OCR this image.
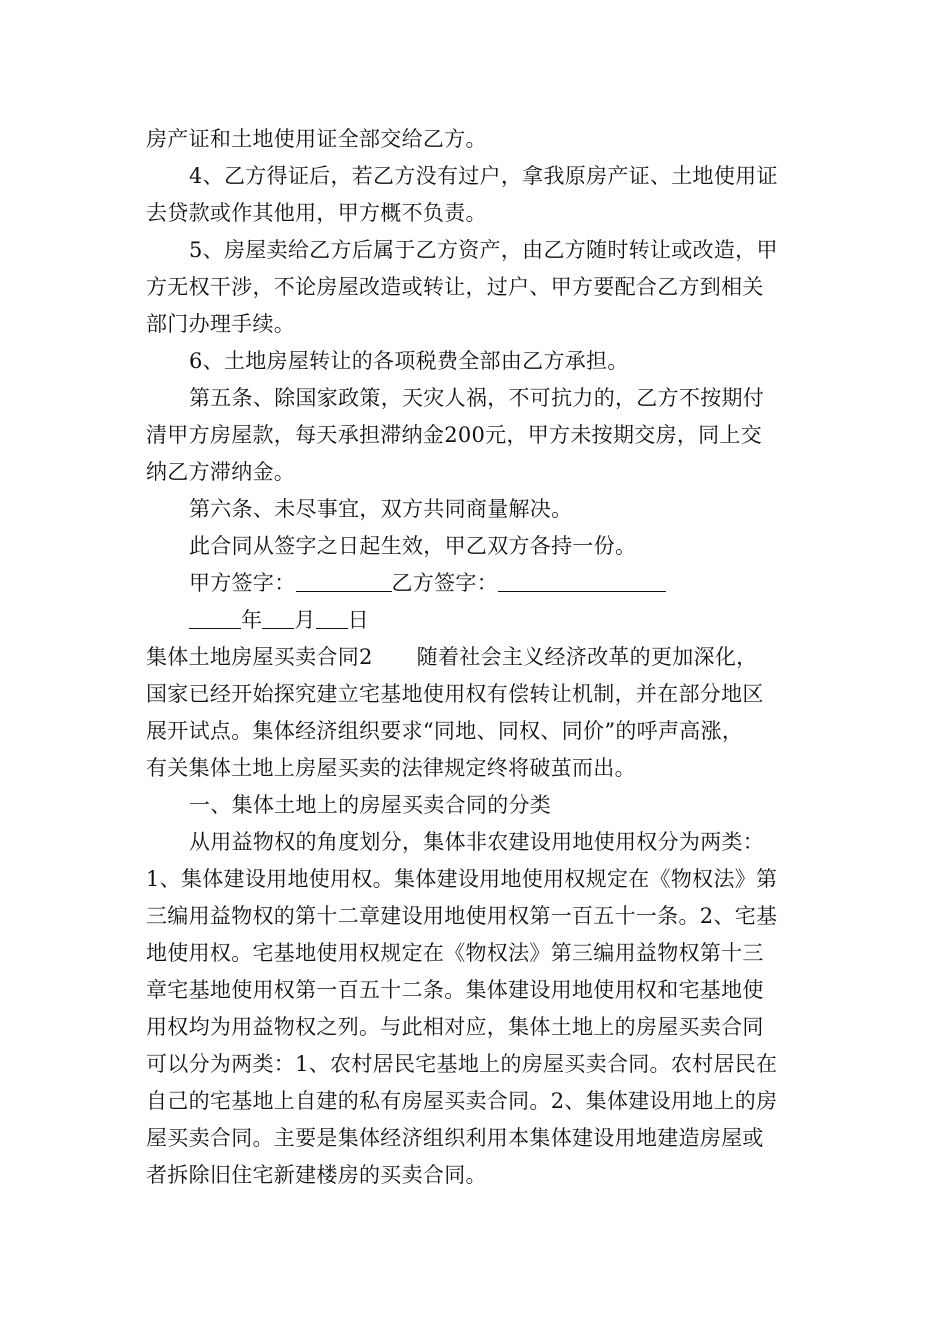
房产证和土地使用证全部交给乙方。
4、乙方得证后，若乙方没有过户，拿我原房产证、土地使用证
去贷款或作其他用，甲方概不负责。
5、房屋卖给乙方后属于乙方资产，由乙方随时转让或改造，甲
方无权干涉，不论房屋改造或转让，过户、甲方要配合乙方到相关
部门办理手续。
6、土地房屋转让的各项税费全部由乙方承担。
第五条、除国家政策，天灾人祸，不可抗力的，乙方不按期付
清甲方房屋款，每天承担滞纳金200元，甲方未按期交房，同上交
纳乙方滞纳金。
第六条、未尽事宜，双方共同商量解决。
此合同从签字之日起生效，甲乙双方各持一份。
甲方签字：	乙方签字：
年 月 日
集体土地房屋买卖合同2 随着社会主义经济改革的更加深化，
国家已经开始探究建立宅基地使用权有偿转让机制，并在部分地区
展开试点。集体经济组织要求“同地、同权、同价”的呼声高涨，
有关集体土地上房屋买卖的法律规定终将破茧而出。
一、集体土地上的房屋买卖合同的分类
从用益物权的角度划分，集体非农建设用地使用权分为两类：
1、集体建设用地使用权。集体建设用地使用权规定在《物权法》第
三编用益物权的第十二章建设用地使用权第一百五十一条。2、宅基
地使用权。宅基地使用权规定在《物权法》第三编用益物权第十三
章宅基地使用权第一百五十二条。集体建设用地使用权和宅基地使
用权均为用益物权之列。与此相对应，集体土地上的房屋买卖合同
可以分为两类：1、农村居民宅基地上的房屋买卖合同。农村居民在
自己的宅基地上自建的私有房屋买卖合同。2、集体建设用地上的房
屋买卖合同。主要是集体经济组织利用本集体建设用地建造房屋或
者拆除旧住宅新建楼房的买卖合同。
